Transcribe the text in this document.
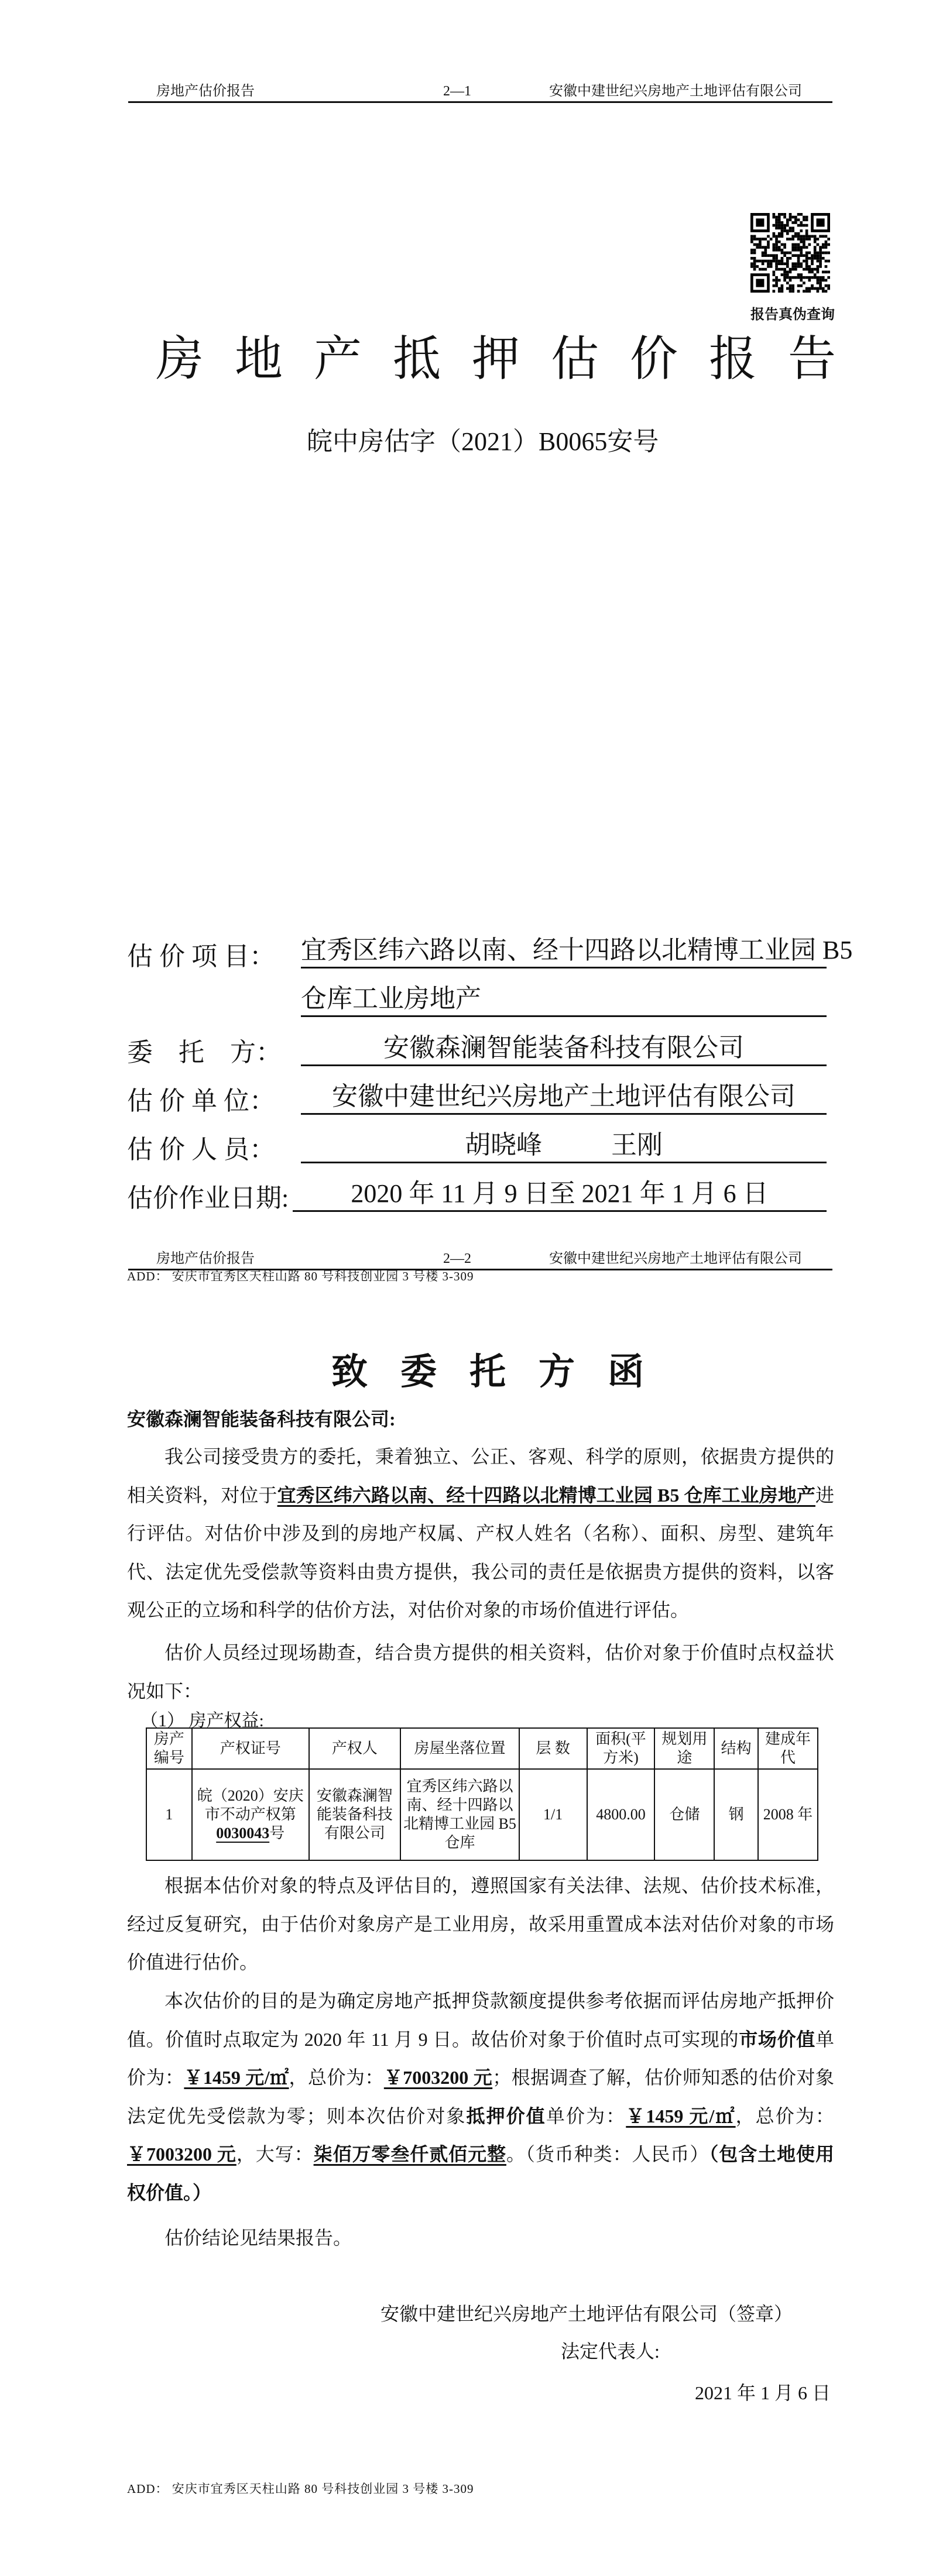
房地产估价报告	2—1	安徽中建世纪兴房地产土地评估有限公司
报告真伪查询
房地产抵押估价报告
皖中房估字（2021）B0065安号
估 价 项 目： 宜秀区纬六路以南、经十四路以北精博工业园 B5
仓库工业房地产
委    托    方：	安徽森澜智能装备科技有限公司
估 价 单 位：	安徽中建世纪兴房地产土地评估有限公司
估 价 人 员：	胡晓峰	王刚
估价作业日期:	2020 年 11 月 9 日至 2021 年 1 月 6 日
ADD： 安庆市宜秀区天柱山路 80 号科技创业园 3 号楼 3-309
房地产估价报告	2—2	安徽中建世纪兴房地产土地评估有限公司
致委托方函
安徽森澜智能装备科技有限公司:
我公司接受贵方的委托，秉着独立、公正、客观、科学的原则，依据贵方提供的相关资料，对位于宜秀区纬六路以南、经十四路以北精博工业园 B5 仓库工业房地产进行评估。对估价中涉及到的房地产权属、产权人姓名（名称）、面积、房型、建筑年代、法定优先受偿款等资料由贵方提供，我公司的责任是依据贵方提供的资料，以客观公正的立场和科学的估价方法，对估价对象的市场价值进行评估。
估价人员经过现场勘查，结合贵方提供的相关资料，估价对象于价值时点权益状况如下：
（1） 房产权益:
房产编号	产权证号	产权人	房屋坐落位置	层 数	面积(平方米)	规划用途	结构	建成年代
1	皖（2020）安庆市不动产权第0030043号	安徽森澜智能装备科技有限公司	宜秀区纬六路以南、经十四路以北精博工业园 B5 仓库	1/1	4800.00	仓储	钢	2008 年
根据本估价对象的特点及评估目的，遵照国家有关法律、法规、估价技术标准，经过反复研究，由于估价对象房产是工业用房，故采用重置成本法对估价对象的市场价值进行估价。
本次估价的目的是为确定房地产抵押贷款额度提供参考依据而评估房地产抵押价值。价值时点取定为 2020 年 11 月 9 日。故估价对象于价值时点可实现的市场价值单价为：￥1459 元/㎡，总价为：￥7003200 元；根据调查了解，估价师知悉的估价对象法定优先受偿款为零；则本次估价对象抵押价值单价为：￥1459 元/㎡，总价为：￥7003200 元，大写：柒佰万零叁仟贰佰元整。（货币种类：人民币）（包含土地使用权价值。）
估价结论见结果报告。
安徽中建世纪兴房地产土地评估有限公司（签章）
法定代表人:
2021 年 1 月 6 日
ADD： 安庆市宜秀区天柱山路 80 号科技创业园 3 号楼 3-309
